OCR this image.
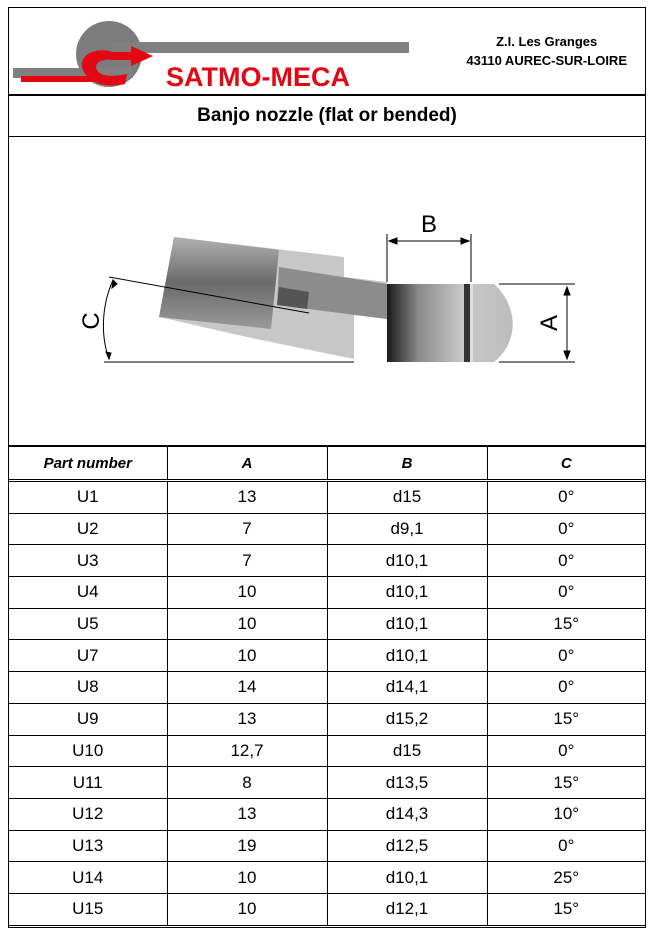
SATMO-MECA
Z.I. Les Granges
43110 AUREC-SUR-LOIRE
Banjo nozzle (flat or bended)
B
A
C
Part number	A	B	C
U1	13	d15	0°
U2	7	d9,1	0°
U3	7	d10,1	0°
U4	10	d10,1	0°
U5	10	d10,1	15°
U7	10	d10,1	0°
U8	14	d14,1	0°
U9	13	d15,2	15°
U10	12,7	d15	0°
U11	8	d13,5	15°
U12	13	d14,3	10°
U13	19	d12,5	0°
U14	10	d10,1	25°
U15	10	d12,1	15°
